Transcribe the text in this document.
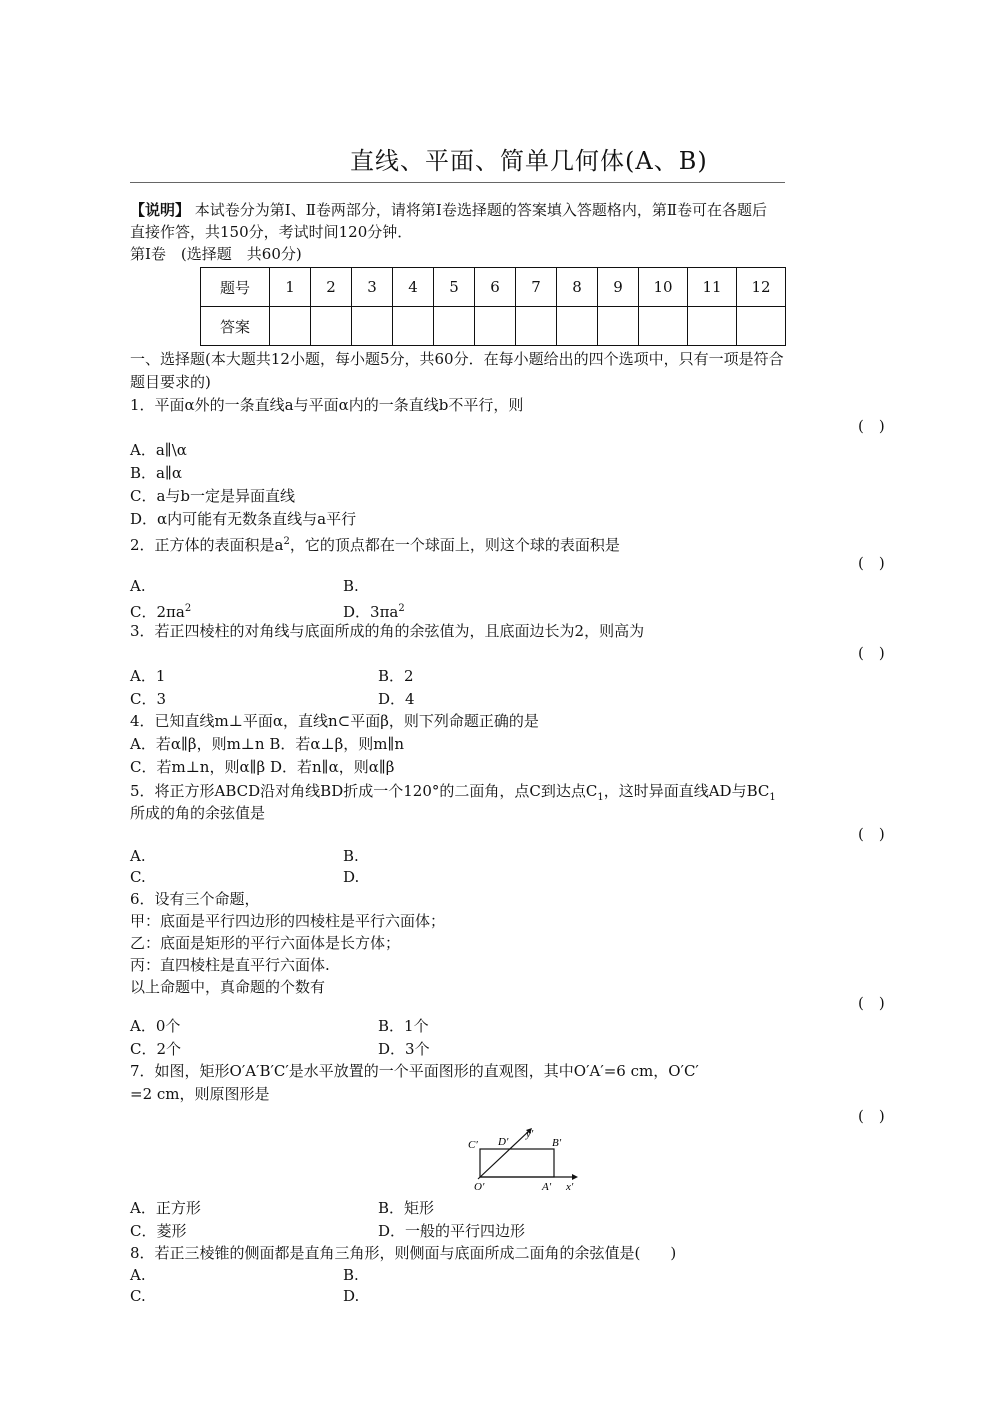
直线、平面、简单几何体(A、B)
【说明】 本试卷分为第Ⅰ、Ⅱ卷两部分，请将第Ⅰ卷选择题的答案填入答题格内，第Ⅱ卷可在各题后
直接作答，共150分，考试时间120分钟．
第Ⅰ卷　(选择题　共60分)
题号	1	2	3	4	5	6	7	8	9	10	11	12
答案												
一、选择题(本大题共12小题，每小题5分，共60分．在每小题给出的四个选项中，只有一项是符合
题目要求的)
1．平面α外的一条直线a与平面α内的一条直线b不平行，则
(　)
A．a∥\α
B．a∥α
C．a与b一定是异面直线
D．α内可能有无数条直线与a平行
2．正方体的表面积是$a^2$，它的顶点都在一个球面上，则这个球的表面积是
(　)
A.	B.
C．$2\pi a^2$	D．$3\pi a^2$
3．若正四棱柱的对角线与底面所成的角的余弦值为，且底面边长为2，则高为
(　)
A．1	B．2
C．3	D．4
4．已知直线m⊥平面α，直线n⊂平面β，则下列命题正确的是
A．若α∥β，则m⊥n B．若α⊥β，则m∥n
C．若m⊥n，则α∥β D．若n∥α，则α∥β
5．将正方形ABCD沿对角线BD折成一个120°的二面角，点C到达点$C_1$，这时异面直线AD与$BC_1$
所成的角的余弦值是
(　)
A.	B.
C.	D.
6．设有三个命题，
甲：底面是平行四边形的四棱柱是平行六面体；
乙：底面是矩形的平行六面体是长方体；
丙：直四棱柱是直平行六面体.
以上命题中，真命题的个数有
(　)
A．0个	B．1个
C．2个	D．3个
7．如图，矩形O′A′B′C′是水平放置的一个平面图形的直观图，其中O′A′=6 cm，O′C′
=2 cm，则原图形是
(　)
C′ D′
y′
B′
O′	A′ x′
A．正方形	B．矩形
C．菱形	D．一般的平行四边形
8．若正三棱锥的侧面都是直角三角形，则侧面与底面所成二面角的余弦值是(　　)
A.	B.
C.	D.
